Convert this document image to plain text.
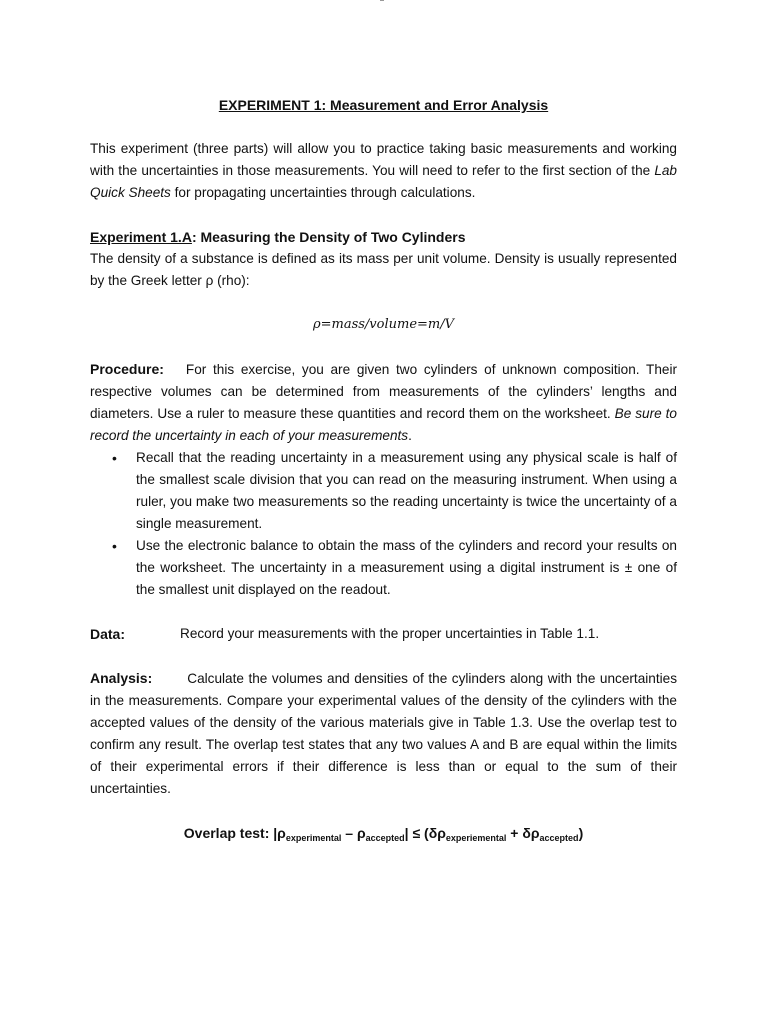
EXPERIMENT 1: Measurement and Error Analysis

This experiment (three parts) will allow you to practice taking basic measurements and working with the uncertainties in those measurements. You will need to refer to the first section of the Lab Quick Sheets for propagating uncertainties through calculations.

Experiment 1.A: Measuring the Density of Two Cylinders

The density of a substance is defined as its mass per unit volume. Density is usually represented by the Greek letter ρ (rho):

ρ=mass/volume=m/V

Procedure: For this exercise, you are given two cylinders of unknown composition. Their respective volumes can be determined from measurements of the cylinders’ lengths and diameters. Use a ruler to measure these quantities and record them on the worksheet. Be sure to record the uncertainty in each of your measurements.

• Recall that the reading uncertainty in a measurement using any physical scale is half of the smallest scale division that you can read on the measuring instrument. When using a ruler, you make two measurements so the reading uncertainty is twice the uncertainty of a single measurement.
• Use the electronic balance to obtain the mass of the cylinders and record your results on the worksheet. The uncertainty in a measurement using a digital instrument is ± one of the smallest unit displayed on the readout.
Data:	Record your measurements with the proper uncertainties in Table 1.1.

Analysis:	Calculate the volumes and densities of the cylinders along with the uncertainties in the measurements. Compare your experimental values of the density of the cylinders with the accepted values of the density of the various materials give in Table 1.3. Use the overlap test to confirm any result. The overlap test states that any two values A and B are equal within the limits of their experimental errors if their difference is less than or equal to the sum of their uncertainties.

Overlap test: $|\rho_{experimental} - \rho_{accepted}| \le (\delta\rho_{experiemental} + \delta\rho_{accepted})$
